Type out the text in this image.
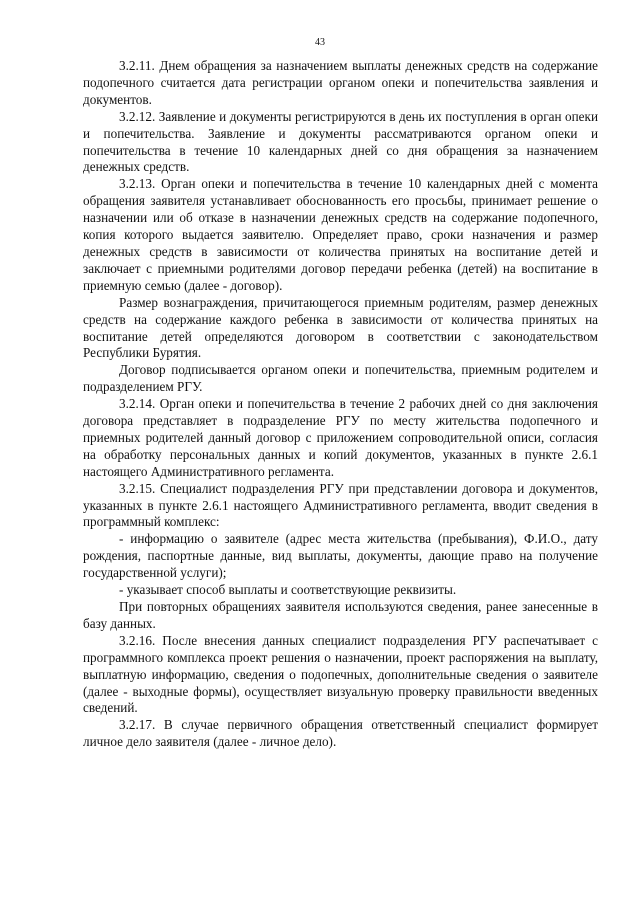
43

3.2.11. Днем обращения за назначением выплаты денежных средств на содержание подопечного считается дата регистрации органом опеки и попечительства заявления и документов.

3.2.12. Заявление и документы регистрируются в день их поступления в орган опеки и попечительства. Заявление и документы рассматриваются органом опеки и попечительства в течение 10 календарных дней со дня обращения за назначением денежных средств.

3.2.13. Орган опеки и попечительства в течение 10 календарных дней с момента обращения заявителя устанавливает обоснованность его просьбы, принимает решение о назначении или об отказе в назначении денежных средств на содержание подопечного, копия которого выдается заявителю. Определяет право, сроки назначения и размер денежных средств в зависимости от количества принятых на воспитание детей и заключает с приемными родителями договор передачи ребенка (детей) на воспитание в приемную семью (далее - договор).

Размер вознаграждения, причитающегося приемным родителям, размер денежных средств на содержание каждого ребенка в зависимости от количества принятых на воспитание детей определяются договором в соответствии с законодательством Республики Бурятия.

Договор подписывается органом опеки и попечительства, приемным родителем и подразделением РГУ.

3.2.14. Орган опеки и попечительства в течение 2 рабочих дней со дня заключения договора представляет в подразделение РГУ по месту жительства подопечного и приемных родителей данный договор с приложением сопроводительной описи, согласия на обработку персональных данных и копий документов, указанных в пункте 2.6.1 настоящего Административного регламента.

3.2.15. Специалист подразделения РГУ при представлении договора и документов, указанных в пункте 2.6.1 настоящего Административного регламента, вводит сведения в программный комплекс:

- информацию о заявителе (адрес места жительства (пребывания), Ф.И.О., дату рождения, паспортные данные, вид выплаты, документы, дающие право на получение государственной услуги);

- указывает способ выплаты и соответствующие реквизиты.

При повторных обращениях заявителя используются сведения, ранее занесенные в базу данных.

3.2.16. После внесения данных специалист подразделения РГУ распечатывает с программного комплекса проект решения о назначении, проект распоряжения на выплату, выплатную информацию, сведения о подопечных, дополнительные сведения о заявителе (далее - выходные формы), осуществляет визуальную проверку правильности введенных сведений.

3.2.17. В случае первичного обращения ответственный специалист формирует личное дело заявителя (далее - личное дело).
